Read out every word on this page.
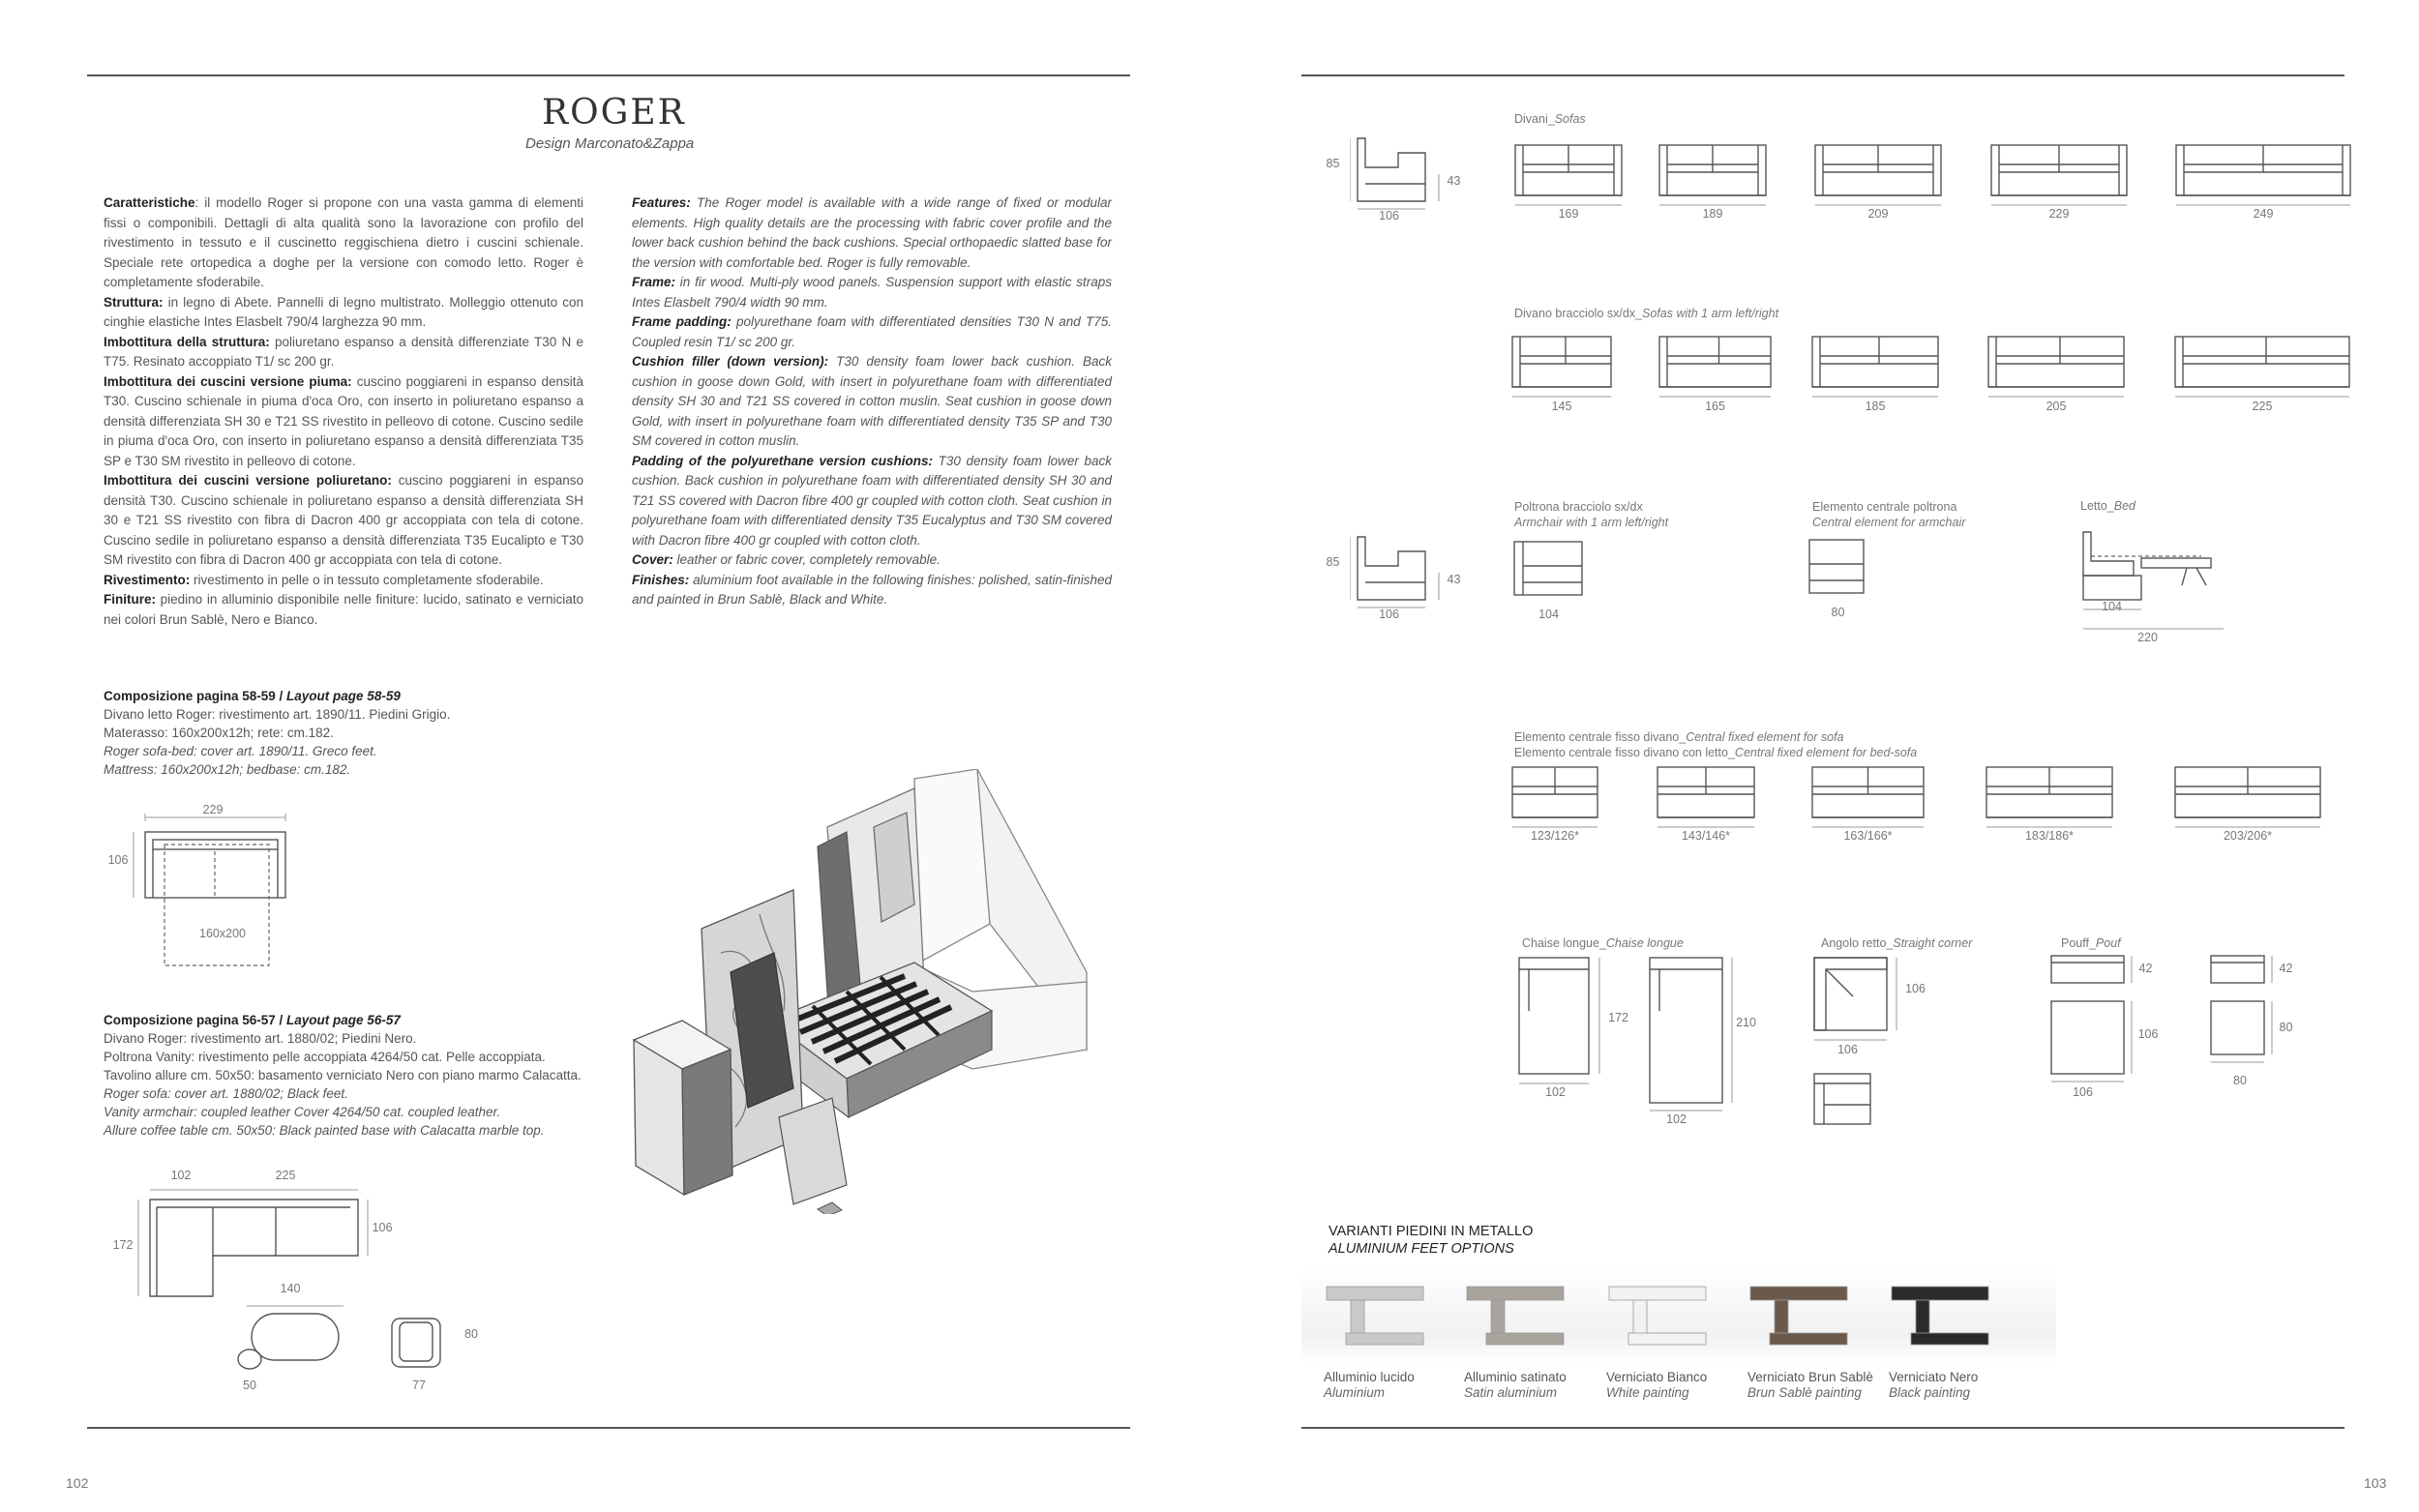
ROGER
Design Marconato&Zappa

Caratteristiche: il modello Roger si propone con una vasta gamma di elementi fissi o componibili. Dettagli di alta qualità sono la lavorazione con profilo del rivestimento in tessuto e il cuscinetto reggischiena dietro i cuscini schienale. Speciale rete ortopedica a doghe per la versione con comodo letto. Roger è completamente sfoderabile.

Struttura: in legno di Abete. Pannelli di legno multistrato. Molleggio ottenuto con cinghie elastiche Intes Elasbelt 790/4 larghezza 90 mm.

Imbottitura della struttura: poliuretano espanso a densità differenziate T30 N e T75. Resinato accoppiato T1/ sc 200 gr.

Imbottitura dei cuscini versione piuma: cuscino poggiareni in espanso densità T30. Cuscino schienale in piuma d'oca Oro, con inserto in poliuretano espanso a densità differenziata SH 30 e T21 SS rivestito in pelleovo di cotone. Cuscino sedile in piuma d'oca Oro, con inserto in poliuretano espanso a densità differenziata T35 SP e T30 SM rivestito in pelleovo di cotone.

Imbottitura dei cuscini versione poliuretano: cuscino poggiareni in espanso densità T30. Cuscino schienale in poliuretano espanso a densità differenziata SH 30 e T21 SS rivestito con fibra di Dacron 400 gr accoppiata con tela di cotone. Cuscino sedile in poliuretano espanso a densità differenziata T35 Eucalipto e T30 SM rivestito con fibra di Dacron 400 gr accoppiata con tela di cotone.

Rivestimento: rivestimento in pelle o in tessuto completamente sfoderabile.

Finiture: piedino in alluminio disponibile nelle finiture: lucido, satinato e verniciato nei colori Brun Sablè, Nero e Bianco.

Features: The Roger model is available with a wide range of fixed or modular elements. High quality details are the processing with fabric cover profile and the lower back cushion behind the back cushions. Special orthopaedic slatted base for the version with comfortable bed. Roger is fully removable.

Frame: in fir wood. Multi-ply wood panels. Suspension support with elastic straps Intes Elasbelt 790/4 width 90 mm.

Frame padding: polyurethane foam with differentiated densities T30 N and T75. Coupled resin T1/ sc 200 gr.

Cushion filler (down version): T30 density foam lower back cushion. Back cushion in goose down Gold, with insert in polyurethane foam with differentiated density SH 30 and T21 SS covered in cotton muslin. Seat cushion in goose down Gold, with insert in polyurethane foam with differentiated density T35 SP and T30 SM covered in cotton muslin.

Padding of the polyurethane version cushions: T30 density foam lower back cushion. Back cushion in polyurethane foam with differentiated density SH 30 and T21 SS covered with Dacron fibre 400 gr coupled with cotton cloth. Seat cushion in polyurethane foam with differentiated density T35 Eucalyptus and T30 SM covered with Dacron fibre 400 gr coupled with cotton cloth.

Cover: leather or fabric cover, completely removable.

Finishes: aluminium foot available in the following finishes: polished, satin-finished and painted in Brun Sablè, Black and White.

Composizione pagina 58-59 / Layout page 58-59
Divano letto Roger: rivestimento art. 1890/11. Piedini Grigio.
Materasso: 160x200x12h; rete: cm.182.
Roger sofa-bed: cover art. 1890/11. Greco feet.
Mattress: 160x200x12h; bedbase: cm.182.
229
106
160x200
Composizione pagina 56-57 / Layout page 56-57
Divano Roger: rivestimento art. 1880/02; Piedini Nero.
Poltrona Vanity: rivestimento pelle accoppiata 4264/50 cat. Pelle accoppiata.
Tavolino allure cm. 50x50: basamento verniciato Nero con piano marmo Calacatta.
Roger sofa: cover art. 1880/02; Black feet.
Vanity armchair: coupled leather Cover 4264/50 cat. coupled leather.
Allure coffee table cm. 50x50: Black painted base with Calacatta marble top.
102	225
172
106
140
50	77
80
Divani_Sofas
85
43
106
Divano bracciolo sx/dx_Sofas with 1 arm left/right
Poltrona bracciolo sx/dx
Armchair with 1 arm left/right
Elemento centrale poltrona
Central element for armchair
Letto_Bed
85
43
106	104	80	104
220
Elemento centrale fisso divano_Central fixed element for sofa
Elemento centrale fisso divano con letto_Central fixed element for bed-sofa
Chaise longue_Chaise longue	Angolo retto_Straight corner	Pouff_Pouf
172
102
210
102
106
106
42
106
106
42
80
80
VARIANTI PIEDINI IN METALLO
ALUMINIUM FEET OPTIONS
102	103
169	189	209	229	249
145	165	185	205	225
123/126*	143/146*	163/166*	183/186*	203/206*
Alluminio lucido
Aluminium
Alluminio satinato
Satin aluminium
Verniciato Bianco
White painting
Verniciato Brun Sablè
Brun Sablè painting
Verniciato Nero
Black painting
